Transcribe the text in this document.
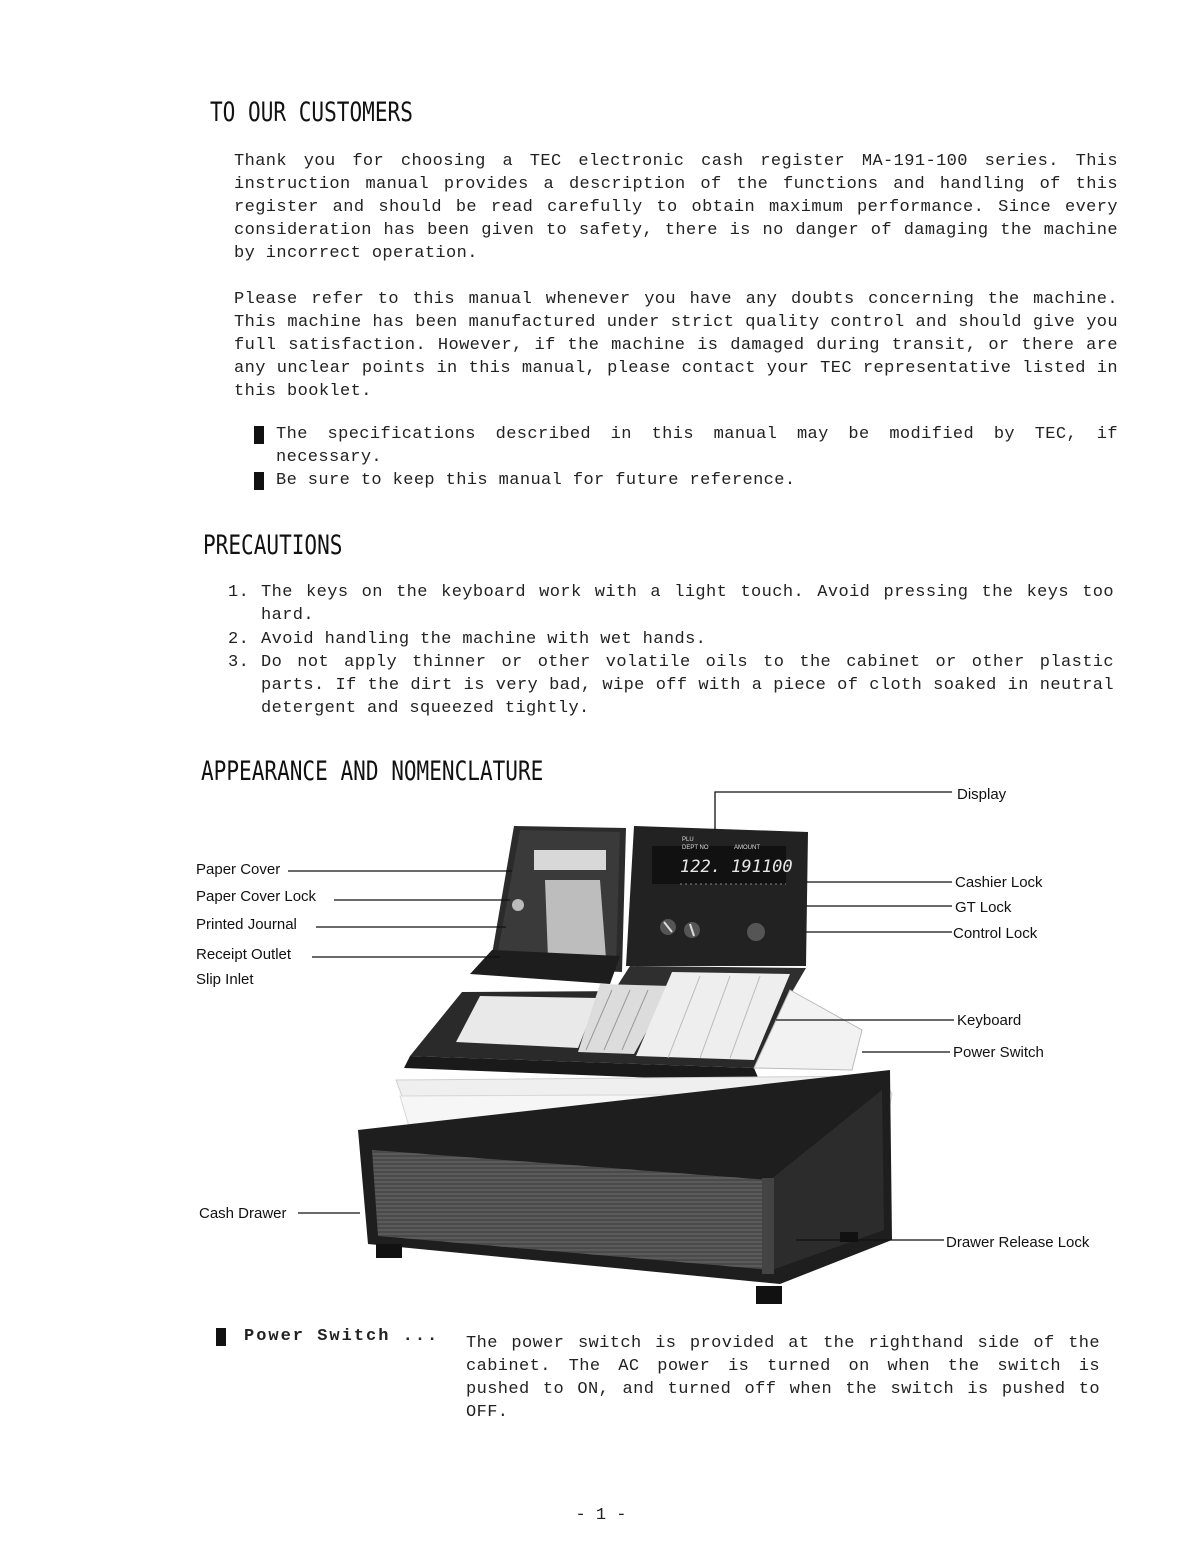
TO OUR CUSTOMERS

Thank you for choosing a TEC electronic cash register MA-191-100 series. This instruction manual provides a description of the functions and handling of this register and should be read carefully to obtain maximum performance. Since every consideration has been given to safety, there is no danger of damaging the machine by incorrect operation.

Please refer to this manual whenever you have any doubts concerning the machine. This machine has been manufactured under strict quality control and should give you full satisfaction. However, if the machine is damaged during transit, or there are any unclear points in this manual, please contact your TEC representative listed in this booklet.

The specifications described in this manual may be modified by TEC, if necessary.
Be sure to keep this manual for future reference.
PRECAUTIONS
1. The keys on the keyboard work with a light touch. Avoid pressing the keys too hard.
2. Avoid handling the machine with wet hands.
3. Do not apply thinner or other volatile oils to the cabinet or other plastic parts. If the dirt is very bad, wipe off with a piece of cloth soaked in neutral detergent and squeezed tightly.
APPEARANCE AND NOMENCLATURE
PLU
DEPT NO	AMOUNT
122. 191100
Display
Paper Cover
Paper Cover Lock
Printed Journal
Receipt Outlet
Slip Inlet
Cashier Lock
GT Lock
Control Lock
Keyboard
Power Switch
Cash Drawer
Drawer Release Lock
Power Switch ... The power switch is provided at the righthand side of the cabinet. The AC power is turned on when the switch is pushed to ON, and turned off when the switch is pushed to OFF.

- 1 -
